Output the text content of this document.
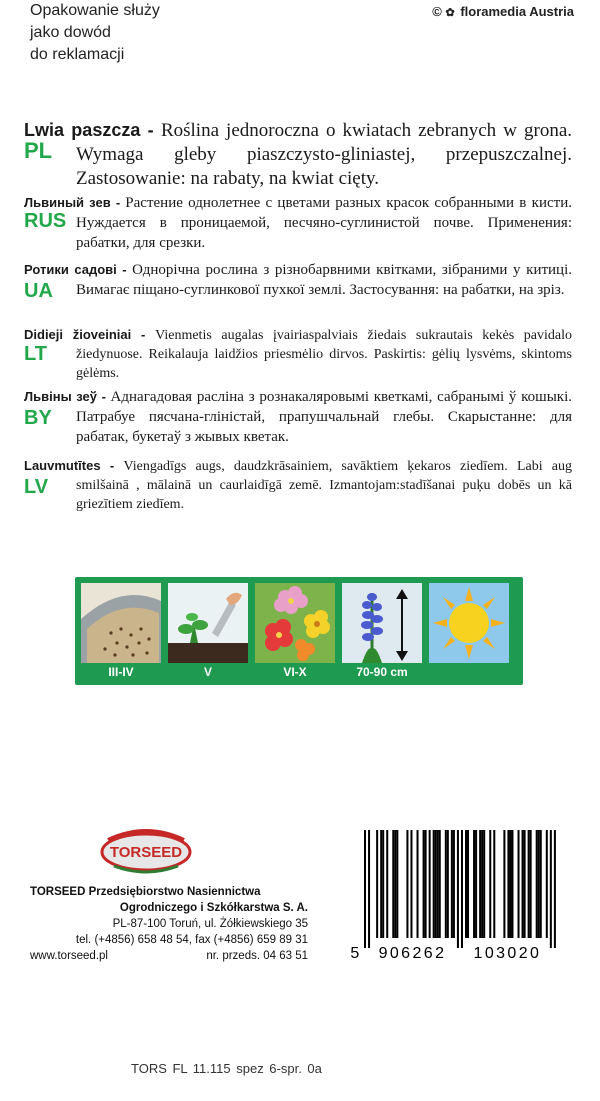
Opakowanie służy
jako dowód
do reklamacji
© ✿ floramedia Austria
PL
Lwia paszcza - Roślina jednoroczna o kwiatach zebranych w grona. Wymaga gleby piaszczysto-gliniastej, przepuszczalnej. Zastosowanie: na rabaty, na kwiat cięty.
RUS
Львиный зев - Растение однолетнее с цветами разных красок собранными в кисти. Нуждается в проницаемой, песчяно-суглинистой почве. Применения: рабатки, для срезки.
UA
Ротики садові - Однорічна рослина з різнобарвними квітками, зібраними у китиці. Вимагає піщано-суглинкової пухкої землі. Застосування: на рабатки, на зріз.
LT
Didieji žioveiniai - Vienmetis augalas įvairiaspalviais žiedais sukrautais kekės pavidalo žiedynuose. Reikalauja laidžios priesmėlio dirvos. Paskirtis: gėlių lysvėms, skintoms gėlėms.
BY
Львіны зеў - Аднагадовая расліна з рознакаляровымі кветкамі, сабранымі ў кошыкі. Патрабуе пясчана-гліністай, прапушчальнай глебы. Скарыстанне: для рабатак, букетаў з жывых кветак.
LV
Lauvmutītes - Viengadīgs augs, daudzkrāsainiem, savāktiem ķekaros ziedīem. Labi aug smilšainā , mālainā un caurlaidīgā zemē. Izmantojam:stadīšanai puķu dobēs un kā griezītiem ziedīem.
III-IV	V	VI-X	70-90 cm
TORSEED
TORSEED Przedsiębiorstwo Nasiennictwa
Ogrodniczego i Szkółkarstwa S. A.
PL-87-100 Toruń, ul. Żółkiewskiego 35
tel. (+4856) 658 48 54, fax (+4856) 659 89 31
www.torseed.pl	nr. przeds. 04 63 51	5 906262 103020
TORS FL 11.115 spez 6-spr. 0a
